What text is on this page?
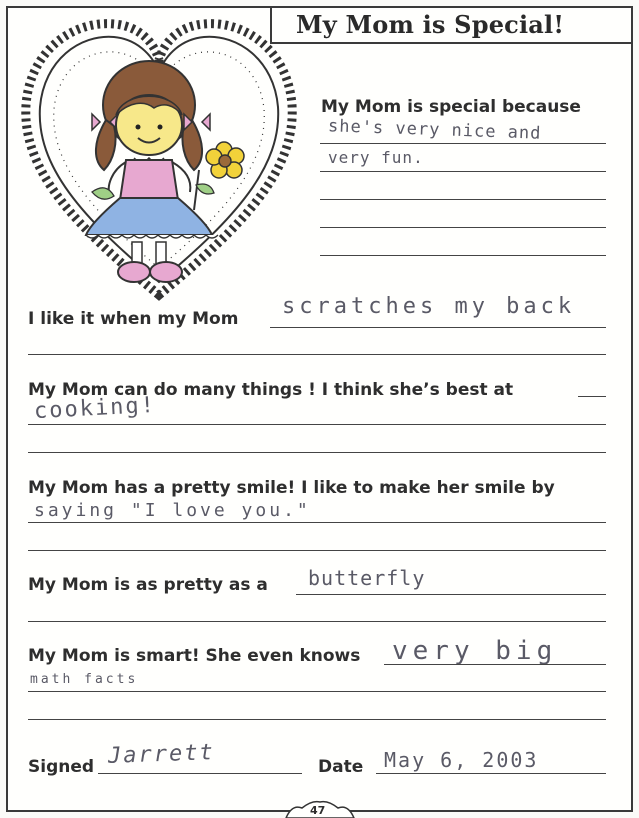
My Mom is Special!
My Mom is special because
she's very nice and
very fun.
I like it when my Mom scratches my back
My Mom can do many things ! I think she’s best at
cooking!
My Mom has a pretty smile! I like to make her smile by
saying "I love you."
My Mom is as pretty as a butterfly
My Mom is smart! She even knows very big
math facts
Signed Jarrett	Date May 6, 2003
47
